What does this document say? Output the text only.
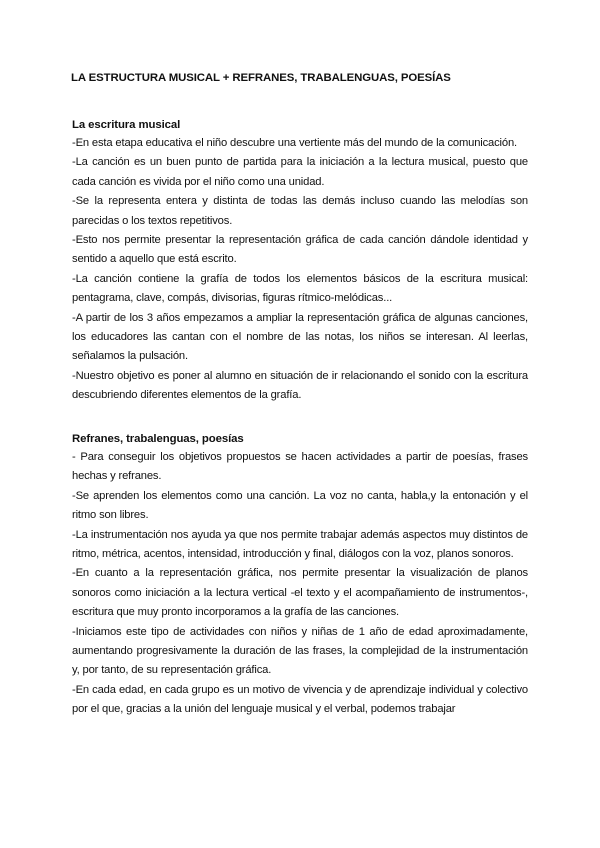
LA ESTRUCTURA MUSICAL + REFRANES, TRABALENGUAS, POESÍAS
La escritura musical

-En esta etapa educativa el niño descubre una vertiente más del mundo de la comunicación.

-La canción es un buen punto de partida para la iniciación a la lectura musical, puesto que cada canción es vivida por el niño como una unidad.

-Se la representa entera y distinta de todas las demás incluso cuando las melodías son parecidas o los textos repetitivos.

-Esto nos permite presentar la representación gráfica de cada canción dándole identidad y sentido a aquello que está escrito.

-La canción contiene la grafía de todos los elementos básicos de la escritura musical: pentagrama, clave, compás, divisorias, figuras rítmico-melódicas...

-A partir de los 3 años empezamos a ampliar la representación gráfica de algunas canciones, los educadores las cantan con el nombre de las notas, los niños se interesan. Al leerlas, señalamos la pulsación.

-Nuestro objetivo es poner al alumno en situación de ir relacionando el sonido con la escritura descubriendo diferentes elementos de la grafía.

Refranes, trabalenguas, poesías

- Para conseguir los objetivos propuestos se hacen actividades a partir de poesías, frases hechas y refranes.

-Se aprenden los elementos como una canción. La voz no canta, habla,y la entonación y el ritmo son libres.

-La instrumentación nos ayuda ya que nos permite trabajar además aspectos muy distintos de ritmo, métrica, acentos, intensidad, introducción y final, diálogos con la voz, planos sonoros.

-En cuanto a la representación gráfica, nos permite presentar la visualización de planos sonoros como iniciación a la lectura vertical -el texto y el acompañamiento de instrumentos-, escritura que muy pronto incorporamos a la grafía de las canciones.

-Iniciamos este tipo de actividades con niños y niñas de 1 año de edad aproximadamente, aumentando progresivamente la duración de las frases, la complejidad de la instrumentación y, por tanto, de su representación gráfica.

-En cada edad, en cada grupo es un motivo de vivencia y de aprendizaje individual y colectivo por el que, gracias a la unión del lenguaje musical y el verbal, podemos trabajar
